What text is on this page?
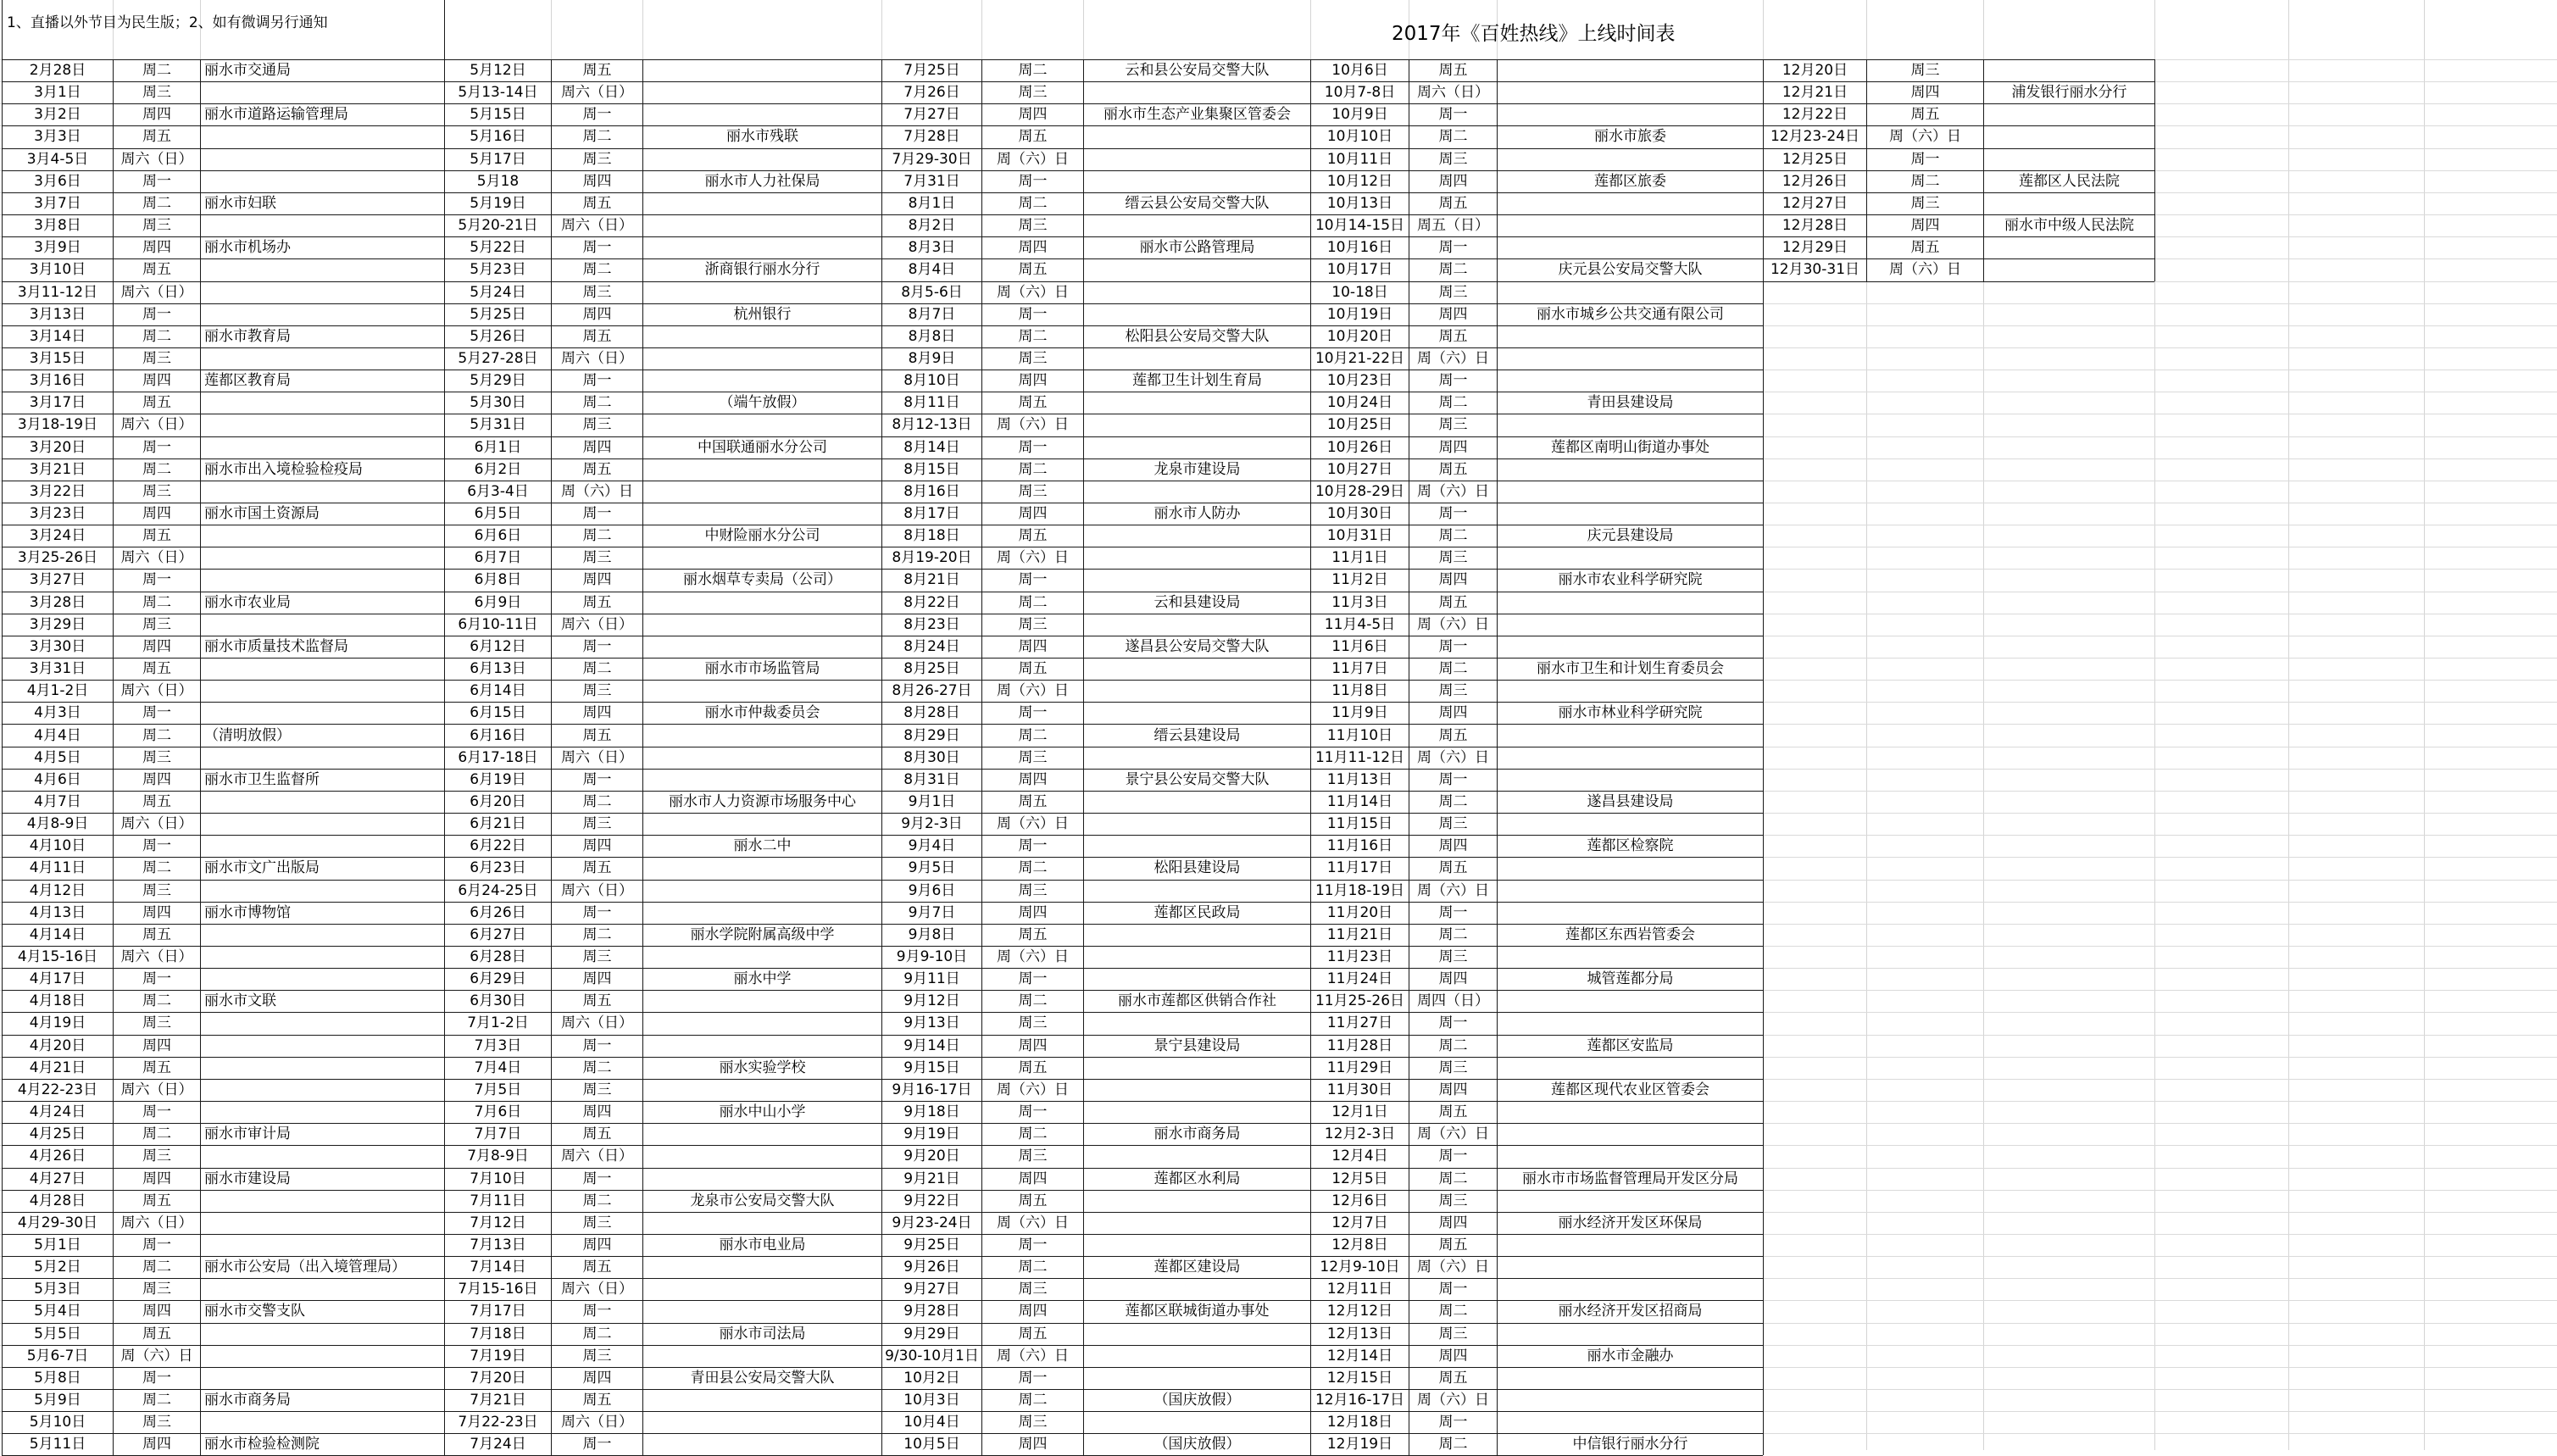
1、直播以外节目为民生版；2、如有微调另行通知	2017年《百姓热线》上线时间表
2月28日	周二	丽水市交通局
3月1日	周三
3月2日	周四	丽水市道路运输管理局
3月3日	周五
3月4-5日	周六（日）
3月6日	周一
3月7日	周二	丽水市妇联
3月8日	周三
3月9日	周四	丽水市机场办
3月10日	周五
3月11-12日	周六（日）
3月13日	周一
3月14日	周二	丽水市教育局
3月15日	周三
3月16日	周四	莲都区教育局
3月17日	周五
3月18-19日	周六（日）
3月20日	周一
3月21日	周二	丽水市出入境检验检疫局
3月22日	周三
3月23日	周四	丽水市国土资源局
3月24日	周五
3月25-26日	周六（日）
3月27日	周一
3月28日	周二	丽水市农业局
3月29日	周三
3月30日	周四	丽水市质量技术监督局
3月31日	周五
4月1-2日	周六（日）
4月3日	周一
4月4日	周二	（清明放假）
4月5日	周三
4月6日	周四	丽水市卫生监督所
4月7日	周五
4月8-9日	周六（日）
4月10日	周一
4月11日	周二	丽水市文广出版局
4月12日	周三
4月13日	周四	丽水市博物馆
4月14日	周五
4月15-16日	周六（日）
4月17日	周一
4月18日	周二	丽水市文联
4月19日	周三
4月20日	周四
4月21日	周五
4月22-23日	周六（日）
4月24日	周一
4月25日	周二	丽水市审计局
4月26日	周三
4月27日	周四	丽水市建设局
4月28日	周五
4月29-30日	周六（日）
5月1日	周一
5月2日	周二	丽水市公安局（出入境管理局）
5月3日	周三
5月4日	周四	丽水市交警支队
5月5日	周五
5月6-7日	周（六）日
5月8日	周一
5月9日	周二	丽水市商务局
5月10日	周三
5月11日	周四	丽水市检验检测院
5月12日	周五
5月13-14日	周六（日）
5月15日	周一
5月16日	周二	丽水市残联
5月17日	周三
5月18	周四	丽水市人力社保局
5月19日	周五
5月20-21日	周六（日）
5月22日	周一
5月23日	周二	浙商银行丽水分行
5月24日	周三
5月25日	周四	杭州银行
5月26日	周五
5月27-28日	周六（日）
5月29日	周一
5月30日	周二	（端午放假）
5月31日	周三
6月1日	周四	中国联通丽水分公司
6月2日	周五
6月3-4日	周（六）日
6月5日	周一
6月6日	周二	中财险丽水分公司
6月7日	周三
6月8日	周四	丽水烟草专卖局（公司）
6月9日	周五
6月10-11日	周六（日）
6月12日	周一
6月13日	周二	丽水市市场监管局
6月14日	周三
6月15日	周四	丽水市仲裁委员会
6月16日	周五
6月17-18日	周六（日）
6月19日	周一
6月20日	周二	丽水市人力资源市场服务中心
6月21日	周三
6月22日	周四	丽水二中
6月23日	周五
6月24-25日	周六（日）
6月26日	周一
6月27日	周二	丽水学院附属高级中学
6月28日	周三
6月29日	周四	丽水中学
6月30日	周五
7月1-2日	周六（日）
7月3日	周一
7月4日	周二	丽水实验学校
7月5日	周三
7月6日	周四	丽水中山小学
7月7日	周五
7月8-9日	周六（日）
7月10日	周一
7月11日	周二	龙泉市公安局交警大队
7月12日	周三
7月13日	周四	丽水市电业局
7月14日	周五
7月15-16日	周六（日）
7月17日	周一
7月18日	周二	丽水市司法局
7月19日	周三
7月20日	周四	青田县公安局交警大队
7月21日	周五
7月22-23日	周六（日）
7月24日	周一
7月25日	周二	云和县公安局交警大队
7月26日	周三
7月27日	周四	丽水市生态产业集聚区管委会
7月28日	周五
7月29-30日	周（六）日
7月31日	周一
8月1日	周二	缙云县公安局交警大队
8月2日	周三
8月3日	周四	丽水市公路管理局
8月4日	周五
8月5-6日	周（六）日
8月7日	周一
8月8日	周二	松阳县公安局交警大队
8月9日	周三
8月10日	周四	莲都卫生计划生育局
8月11日	周五
8月12-13日	周（六）日
8月14日	周一
8月15日	周二	龙泉市建设局
8月16日	周三
8月17日	周四	丽水市人防办
8月18日	周五
8月19-20日	周（六）日
8月21日	周一
8月22日	周二	云和县建设局
8月23日	周三
8月24日	周四	遂昌县公安局交警大队
8月25日	周五
8月26-27日	周（六）日
8月28日	周一
8月29日	周二	缙云县建设局
8月30日	周三
8月31日	周四	景宁县公安局交警大队
9月1日	周五
9月2-3日	周（六）日
9月4日	周一
9月5日	周二	松阳县建设局
9月6日	周三
9月7日	周四	莲都区民政局
9月8日	周五
9月9-10日	周（六）日
9月11日	周一
9月12日	周二	丽水市莲都区供销合作社
9月13日	周三
9月14日	周四	景宁县建设局
9月15日	周五
9月16-17日	周（六）日
9月18日	周一
9月19日	周二	丽水市商务局
9月20日	周三
9月21日	周四	莲都区水利局
9月22日	周五
9月23-24日	周（六）日
9月25日	周一
9月26日	周二	莲都区建设局
9月27日	周三
9月28日	周四	莲都区联城街道办事处
9月29日	周五
9/30-10月1日	周（六）日
10月2日	周一
10月3日	周二	（国庆放假）
10月4日	周三
10月5日	周四	（国庆放假）
10月6日	周五
10月7-8日	周六（日）
10月9日	周一
10月10日	周二	丽水市旅委
10月11日	周三
10月12日	周四	莲都区旅委
10月13日	周五
10月14-15日 周五（日）
10月16日	周一
10月17日	周二	庆元县公安局交警大队
10-18日	周三
10月19日	周四	丽水市城乡公共交通有限公司
10月20日	周五
10月21-22日 周（六）日
10月23日	周一
10月24日	周二	青田县建设局
10月25日	周三
10月26日	周四	莲都区南明山街道办事处
10月27日	周五
10月28-29日 周（六）日
10月30日	周一
10月31日	周二	庆元县建设局
11月1日	周三
11月2日	周四	丽水市农业科学研究院
11月3日	周五
11月4-5日	周（六）日
11月6日	周一
11月7日	周二	丽水市卫生和计划生育委员会
11月8日	周三
11月9日	周四	丽水市林业科学研究院
11月10日	周五
11月11-12日 周（六）日
11月13日	周一
11月14日	周二	遂昌县建设局
11月15日	周三
11月16日	周四	莲都区检察院
11月17日	周五
11月18-19日 周（六）日
11月20日	周一
11月21日	周二	莲都区东西岩管委会
11月23日	周三
11月24日	周四	城管莲都分局
11月25-26日 周四（日）
11月27日	周一
11月28日	周二	莲都区安监局
11月29日	周三
11月30日	周四	莲都区现代农业区管委会
12月1日	周五
12月2-3日	周（六）日
12月4日	周一
12月5日	周二	丽水市市场监督管理局开发区分局
12月6日	周三
12月7日	周四	丽水经济开发区环保局
12月8日	周五
12月9-10日	周（六）日
12月11日	周一
12月12日	周二	丽水经济开发区招商局
12月13日	周三
12月14日	周四	丽水市金融办
12月15日	周五
12月16-17日 周（六）日
12月18日	周一
12月19日	周二	中信银行丽水分行
12月20日	周三
12月21日	周四	浦发银行丽水分行
12月22日	周五
12月23-24日	周（六）日
12月25日	周一
12月26日	周二	莲都区人民法院
12月27日	周三
12月28日	周四	丽水市中级人民法院
12月29日	周五
12月30-31日	周（六）日
